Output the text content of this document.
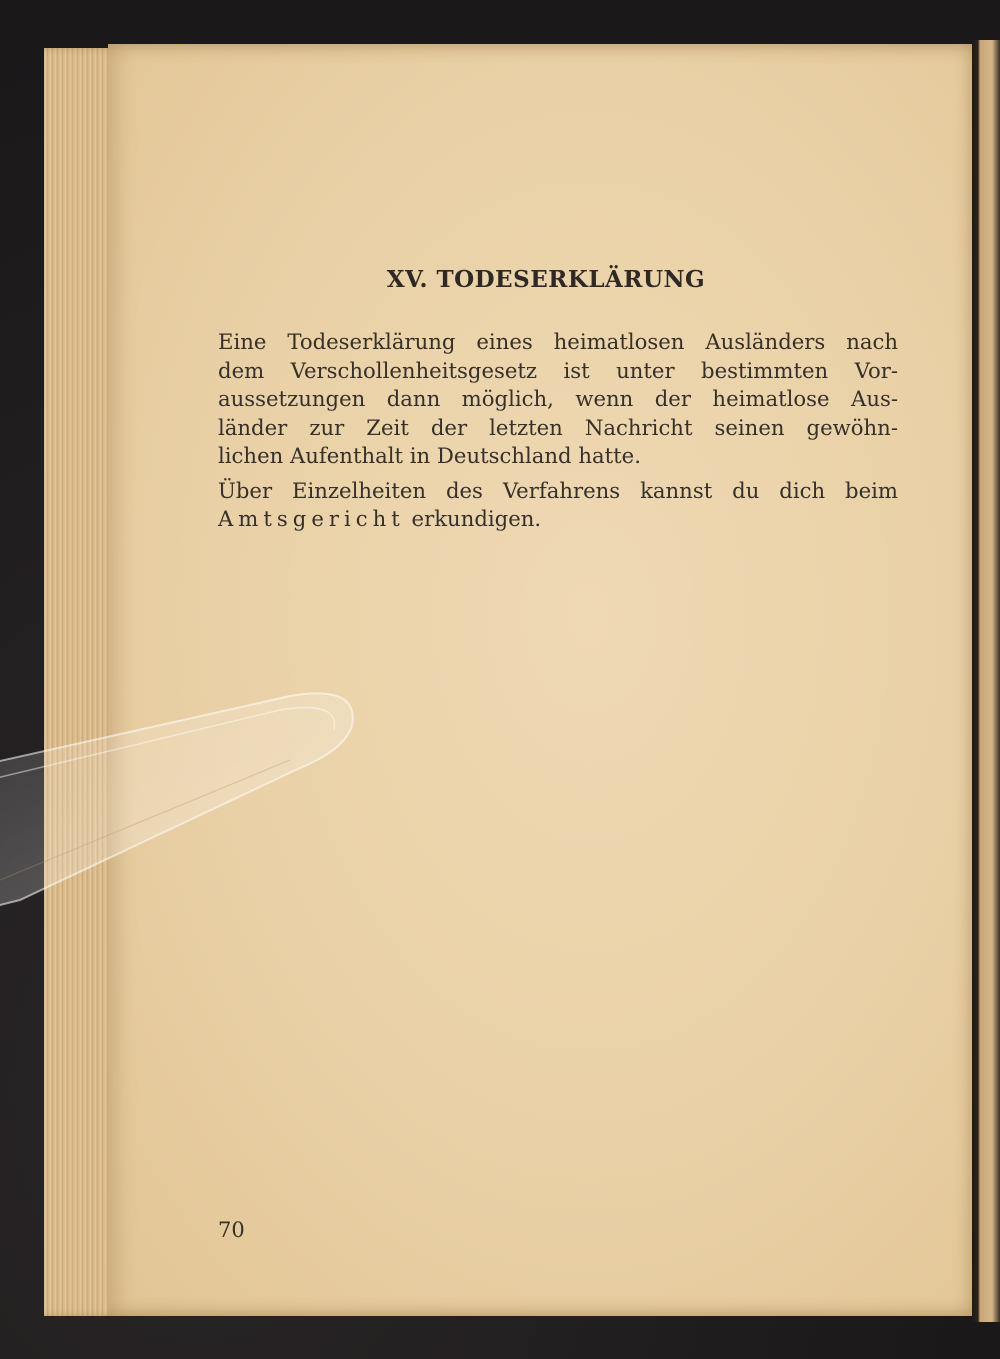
XV. TODESERKLÄRUNG
Eine Todeserklärung eines heimatlosen Ausländers nach
dem Verschollenheitsgesetz ist unter bestimmten Vor-
aussetzungen dann möglich, wenn der heimatlose Aus-
länder zur Zeit der letzten Nachricht seinen gewöhn-
lichen Aufenthalt in Deutschland hatte.
Über Einzelheiten des Verfahrens kannst du dich beim
Amtsgericht erkundigen.
70
